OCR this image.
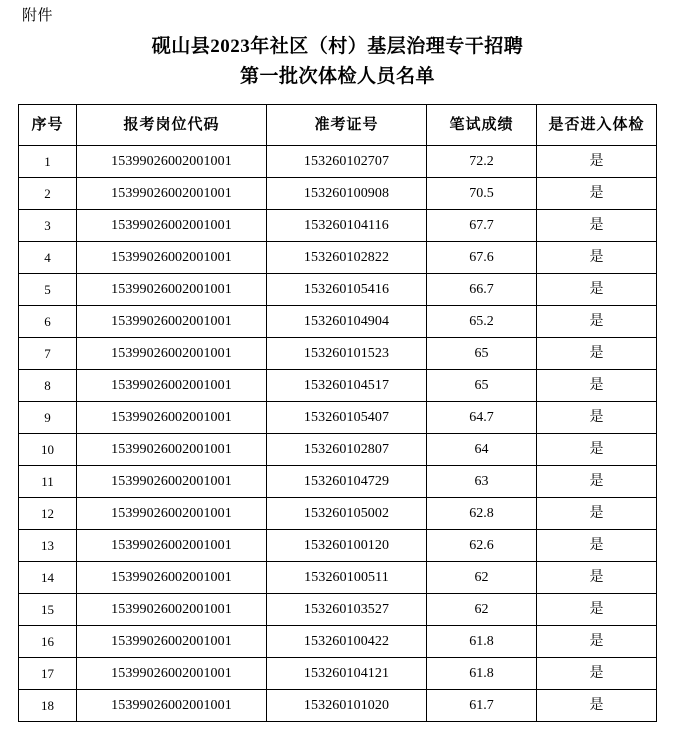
附件
砚山县2023年社区（村）基层治理专干招聘
第一批次体检人员名单
序号	报考岗位代码	准考证号	笔试成绩	是否进入体检
1	15399026002001001	153260102707	72.2	是
2	15399026002001001	153260100908	70.5	是
3	15399026002001001	153260104116	67.7	是
4	15399026002001001	153260102822	67.6	是
5	15399026002001001	153260105416	66.7	是
6	15399026002001001	153260104904	65.2	是
7	15399026002001001	153260101523	65	是
8	15399026002001001	153260104517	65	是
9	15399026002001001	153260105407	64.7	是
10	15399026002001001	153260102807	64	是
11	15399026002001001	153260104729	63	是
12	15399026002001001	153260105002	62.8	是
13	15399026002001001	153260100120	62.6	是
14	15399026002001001	153260100511	62	是
15	15399026002001001	153260103527	62	是
16	15399026002001001	153260100422	61.8	是
17	15399026002001001	153260104121	61.8	是
18	15399026002001001	153260101020	61.7	是
